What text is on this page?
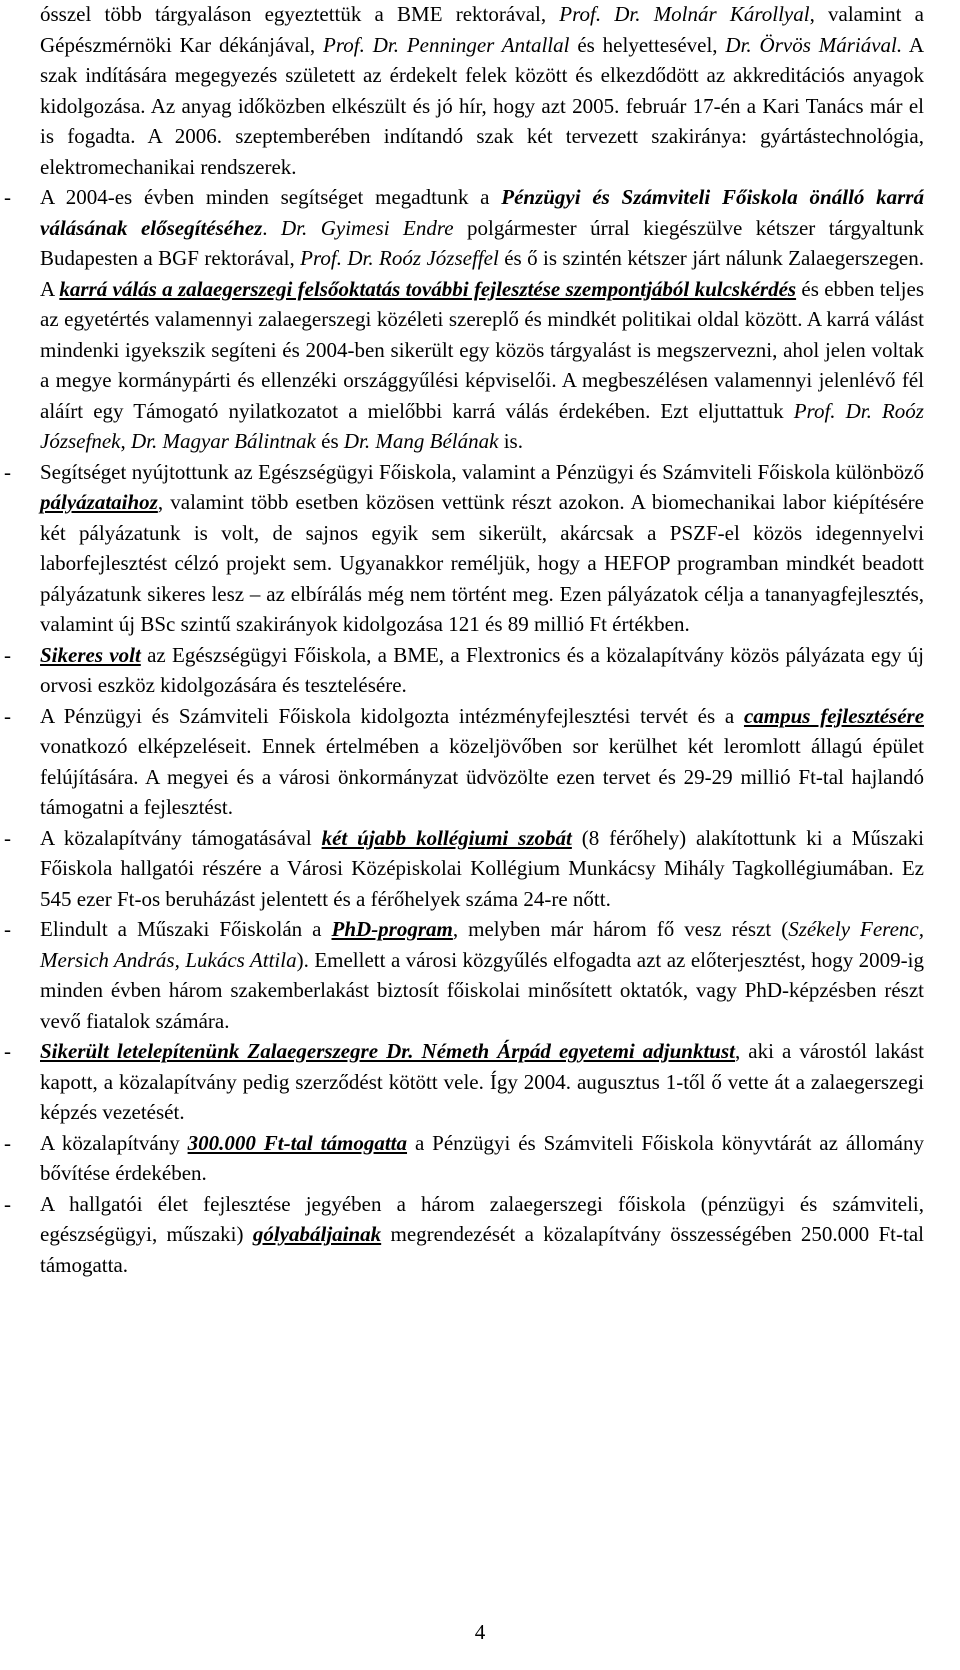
ósszel több tárgyaláson egyeztettük a BME rektorával, Prof. Dr. Molnár Károllyal, valamint a Gépészmérnöki Kar dékánjával, Prof. Dr. Penninger Antallal és helyettesével, Dr. Örvös Máriával. A szak indítására megegyezés született az érdekelt felek között és elkezdődött az akkreditációs anyagok kidolgozása. Az anyag időközben elkészült és jó hír, hogy azt 2005. február 17-én a Kari Tanács már el is fogadta. A 2006. szeptemberében indítandó szak két tervezett szakiránya: gyártástechnológia, elektromechanikai rendszerek.

- A 2004-es évben minden segítséget megadtunk a Pénzügyi és Számviteli Főiskola önálló karrá válásának elősegítéséhez. Dr. Gyimesi Endre polgármester úrral kiegészülve kétszer tárgyaltunk Budapesten a BGF rektorával, Prof. Dr. Roóz Józseffel és ő is szintén kétszer járt nálunk Zalaegerszegen. A karrá válás a zalaegerszegi felsőoktatás további fejlesztése szempontjából kulcskérdés és ebben teljes az egyetértés valamennyi zalaegerszegi közéleti szereplő és mindkét politikai oldal között. A karrá válást mindenki igyekszik segíteni és 2004-ben sikerült egy közös tárgyalást is megszervezni, ahol jelen voltak a megye kormánypárti és ellenzéki országgyűlési képviselői. A megbeszélésen valamennyi jelenlévő fél aláírt egy Támogató nyilatkozatot a mielőbbi karrá válás érdekében. Ezt eljuttattuk Prof. Dr. Roóz Józsefnek, Dr. Magyar Bálintnak és Dr. Mang Bélának is.

- Segítséget nyújtottunk az Egészségügyi Főiskola, valamint a Pénzügyi és Számviteli Főiskola különböző pályázataihoz, valamint több esetben közösen vettünk részt azokon. A biomechanikai labor kiépítésére két pályázatunk is volt, de sajnos egyik sem sikerült, akárcsak a PSZF-el közös idegennyelvi laborfejlesztést célzó projekt sem. Ugyanakkor reméljük, hogy a HEFOP programban mindkét beadott pályázatunk sikeres lesz – az elbírálás még nem történt meg. Ezen pályázatok célja a tananyagfejlesztés, valamint új BSc szintű szakirányok kidolgozása 121 és 89 millió Ft értékben.

- Sikeres volt az Egészségügyi Főiskola, a BME, a Flextronics és a közalapítvány közös pályázata egy új orvosi eszköz kidolgozására és tesztelésére.

- A Pénzügyi és Számviteli Főiskola kidolgozta intézményfejlesztési tervét és a campus fejlesztésére vonatkozó elképzeléseit. Ennek értelmében a közeljövőben sor kerülhet két leromlott állagú épület felújítására. A megyei és a városi önkormányzat üdvözölte ezen tervet és 29-29 millió Ft-tal hajlandó támogatni a fejlesztést.

- A közalapítvány támogatásával két újabb kollégiumi szobát (8 férőhely) alakítottunk ki a Műszaki Főiskola hallgatói részére a Városi Középiskolai Kollégium Munkácsy Mihály Tagkollégiumában. Ez 545 ezer Ft-os beruházást jelentett és a férőhelyek száma 24-re nőtt.

- Elindult a Műszaki Főiskolán a PhD-program, melyben már három fő vesz részt (Székely Ferenc, Mersich András, Lukács Attila). Emellett a városi közgyűlés elfogadta azt az előterjesztést, hogy 2009-ig minden évben három szakemberlakást biztosít főiskolai minősített oktatók, vagy PhD-képzésben részt vevő fiatalok számára.

- Sikerült letelepítenünk Zalaegerszegre Dr. Németh Árpád egyetemi adjunktust, aki a várostól lakást kapott, a közalapítvány pedig szerződést kötött vele. Így 2004. augusztus 1-től ő vette át a zalaegerszegi képzés vezetését.

- A közalapítvány 300.000 Ft-tal támogatta a Pénzügyi és Számviteli Főiskola könyvtárát az állomány bővítése érdekében.

- A hallgatói élet fejlesztése jegyében a három zalaegerszegi főiskola (pénzügyi és számviteli, egészségügyi, műszaki) gólyabáljainak megrendezését a közalapítvány összességében 250.000 Ft-tal támogatta.

4
